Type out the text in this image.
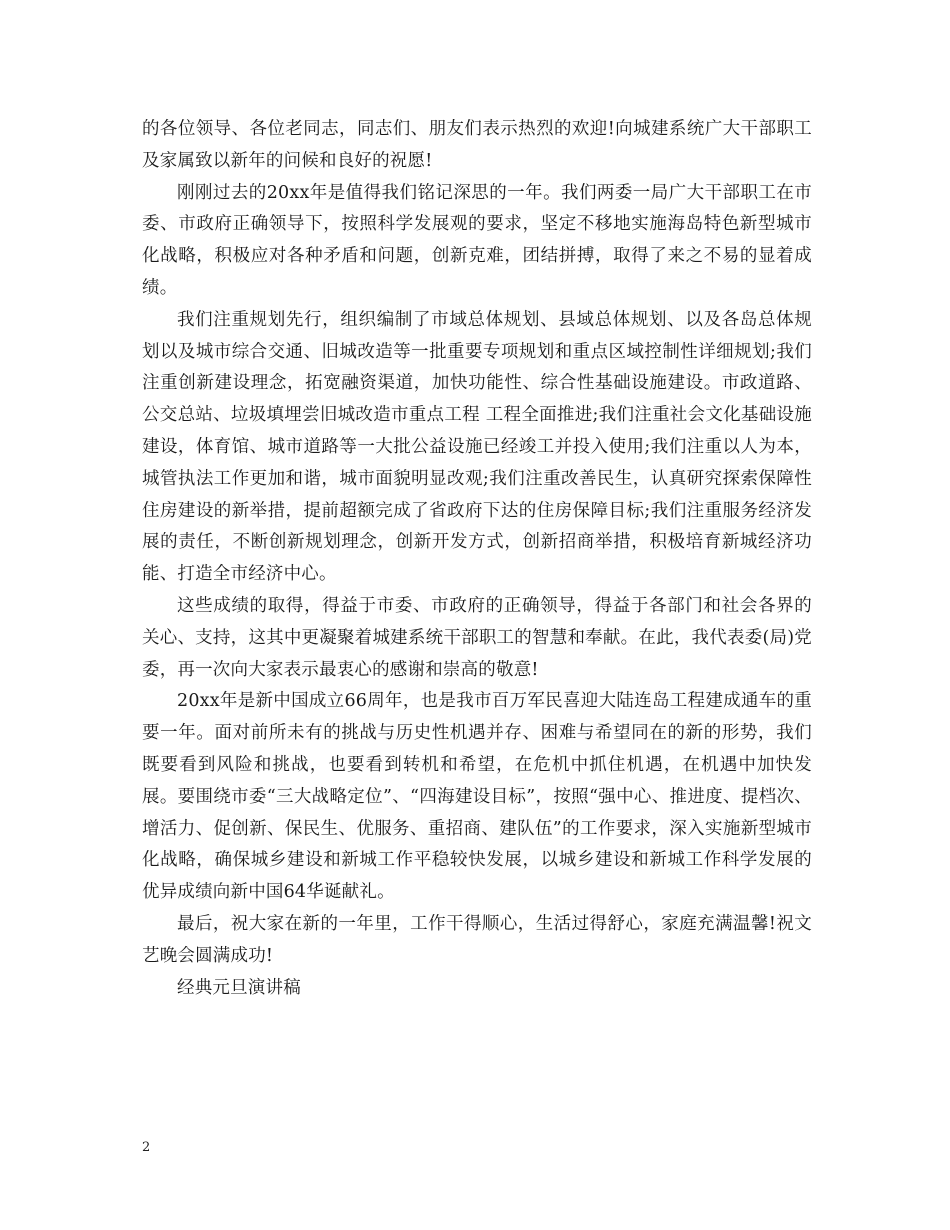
的各位领导、各位老同志，同志们、朋友们表示热烈的欢迎!向城建系统广大干部职工及家属致以新年的问候和良好的祝愿!

刚刚过去的20xx年是值得我们铭记深思的一年。我们两委一局广大干部职工在市委、市政府正确领导下，按照科学发展观的要求，坚定不移地实施海岛特色新型城市化战略，积极应对各种矛盾和问题，创新克难，团结拼搏，取得了来之不易的显着成绩。

我们注重规划先行，组织编制了市域总体规划、县域总体规划、以及各岛总体规划以及城市综合交通、旧城改造等一批重要专项规划和重点区域控制性详细规划;我们注重创新建设理念，拓宽融资渠道，加快功能性、综合性基础设施建设。市政道路、公交总站、垃圾填埋尝旧城改造市重点工程 工程全面推进;我们注重社会文化基础设施建设，体育馆、城市道路等一大批公益设施已经竣工并投入使用;我们注重以人为本，城管执法工作更加和谐，城市面貌明显改观;我们注重改善民生，认真研究探索保障性住房建设的新举措，提前超额完成了省政府下达的住房保障目标;我们注重服务经济发展的责任，不断创新规划理念，创新开发方式，创新招商举措，积极培育新城经济功能、打造全市经济中心。

这些成绩的取得，得益于市委、市政府的正确领导，得益于各部门和社会各界的关心、支持，这其中更凝聚着城建系统干部职工的智慧和奉献。在此，我代表委(局)党委，再一次向大家表示最衷心的感谢和崇高的敬意!

20xx年是新中国成立66周年，也是我市百万军民喜迎大陆连岛工程建成通车的重要一年。面对前所未有的挑战与历史性机遇并存、困难与希望同在的新的形势，我们既要看到风险和挑战，也要看到转机和希望，在危机中抓住机遇，在机遇中加快发展。要围绕市委“三大战略定位”、“四海建设目标”，按照“强中心、推进度、提档次、增活力、促创新、保民生、优服务、重招商、建队伍”的工作要求，深入实施新型城市化战略，确保城乡建设和新城工作平稳较快发展，以城乡建设和新城工作科学发展的优异成绩向新中国64华诞献礼。

最后，祝大家在新的一年里，工作干得顺心，生活过得舒心，家庭充满温馨!祝文艺晚会圆满成功!

经典元旦演讲稿

2
